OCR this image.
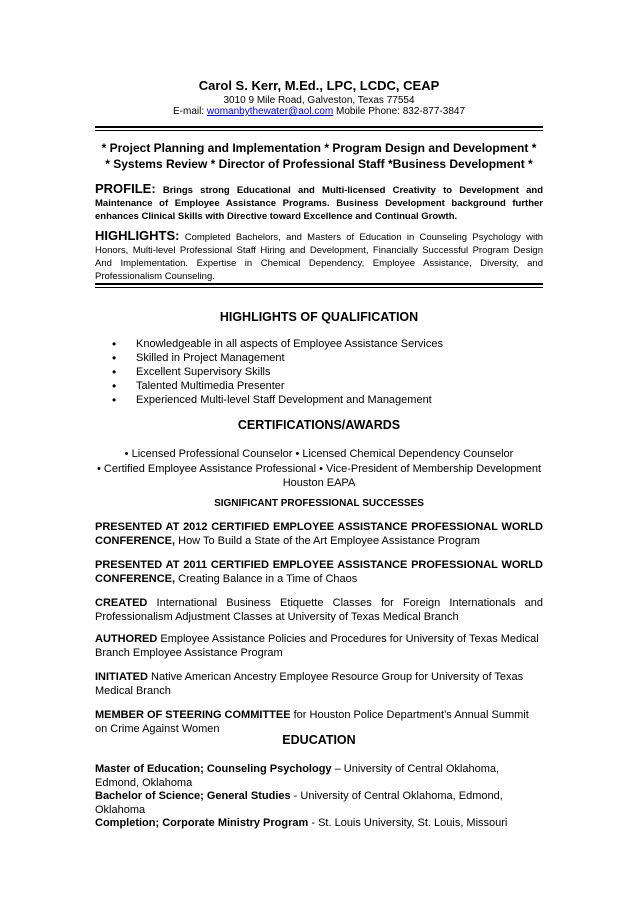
Carol S. Kerr, M.Ed., LPC, LCDC, CEAP
3010 9 Mile Road, Galveston, Texas 77554
E-mail: womanbythewater@aol.com Mobile Phone: 832-877-3847
* Project Planning and Implementation * Program Design and Development *
* Systems Review * Director of Professional Staff *Business Development *
PROFILE: Brings strong Educational and Multi-licensed Creativity to Development and Maintenance of Employee Assistance Programs. Business Development background further enhances Clinical Skills with Directive toward Excellence and Continual Growth.
HIGHLIGHTS: Completed Bachelors, and Masters of Education in Counseling Psychology with Honors, Multi-level Professional Staff Hiring and Development, Financially Successful Program Design And Implementation. Expertise in Chemical Dependency, Employee Assistance, Diversity, and Professionalism Counseling.
HIGHLIGHTS OF QUALIFICATION
• Knowledgeable in all aspects of Employee Assistance Services
• Skilled in Project Management
• Excellent Supervisory Skills
• Talented Multimedia Presenter
• Experienced Multi-level Staff Development and Management
CERTIFICATIONS/AWARDS
• Licensed Professional Counselor • Licensed Chemical Dependency Counselor
• Certified Employee Assistance Professional • Vice-President of Membership Development
Houston EAPA
SIGNIFICANT PROFESSIONAL SUCCESSES
PRESENTED AT 2012 CERTIFIED EMPLOYEE ASSISTANCE PROFESSIONAL WORLD CONFERENCE, How To Build a State of the Art Employee Assistance Program
PRESENTED AT 2011 CERTIFIED EMPLOYEE ASSISTANCE PROFESSIONAL WORLD CONFERENCE, Creating Balance in a Time of Chaos
CREATED International Business Etiquette Classes for Foreign Internationals and Professionalism Adjustment Classes at University of Texas Medical Branch
AUTHORED Employee Assistance Policies and Procedures for University of Texas Medical Branch Employee Assistance Program
INITIATED Native American Ancestry Employee Resource Group for University of Texas Medical Branch
MEMBER OF STEERING COMMITTEE for Houston Police Department’s Annual Summit on Crime Against Women
EDUCATION
Master of Education; Counseling Psychology – University of Central Oklahoma, Edmond, Oklahoma
Bachelor of Science; General Studies - University of Central Oklahoma, Edmond, Oklahoma
Completion; Corporate Ministry Program - St. Louis University, St. Louis, Missouri
